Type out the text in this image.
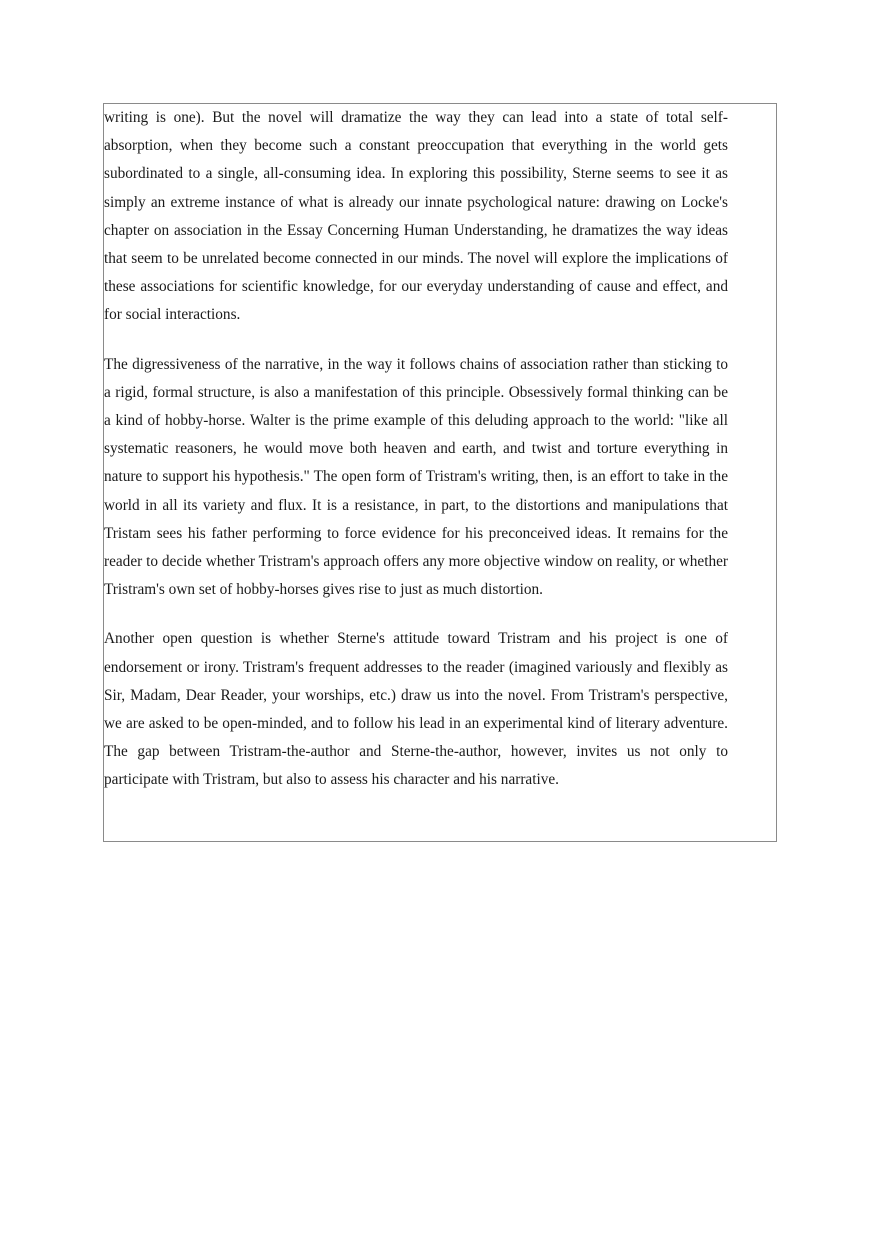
writing is one). But the novel will dramatize the way they can lead into a state of total self-absorption, when they become such a constant preoccupation that everything in the world gets subordinated to a single, all-consuming idea. In exploring this possibility, Sterne seems to see it as simply an extreme instance of what is already our innate psychological nature: drawing on Locke's chapter on association in the Essay Concerning Human Understanding, he dramatizes the way ideas that seem to be unrelated become connected in our minds. The novel will explore the implications of these associations for scientific knowledge, for our everyday understanding of cause and effect, and for social interactions.

The digressiveness of the narrative, in the way it follows chains of association rather than sticking to a rigid, formal structure, is also a manifestation of this principle. Obsessively formal thinking can be a kind of hobby-horse. Walter is the prime example of this deluding approach to the world: "like all systematic reasoners, he would move both heaven and earth, and twist and torture everything in nature to support his hypothesis." The open form of Tristram's writing, then, is an effort to take in the world in all its variety and flux. It is a resistance, in part, to the distortions and manipulations that Tristam sees his father performing to force evidence for his preconceived ideas. It remains for the reader to decide whether Tristram's approach offers any more objective window on reality, or whether Tristram's own set of hobby-horses gives rise to just as much distortion.

Another open question is whether Sterne's attitude toward Tristram and his project is one of endorsement or irony. Tristram's frequent addresses to the reader (imagined variously and flexibly as Sir, Madam, Dear Reader, your worships, etc.) draw us into the novel. From Tristram's perspective, we are asked to be open-minded, and to follow his lead in an experimental kind of literary adventure. The gap between Tristram-the-author and Sterne-the-author, however, invites us not only to participate with Tristram, but also to assess his character and his narrative.
